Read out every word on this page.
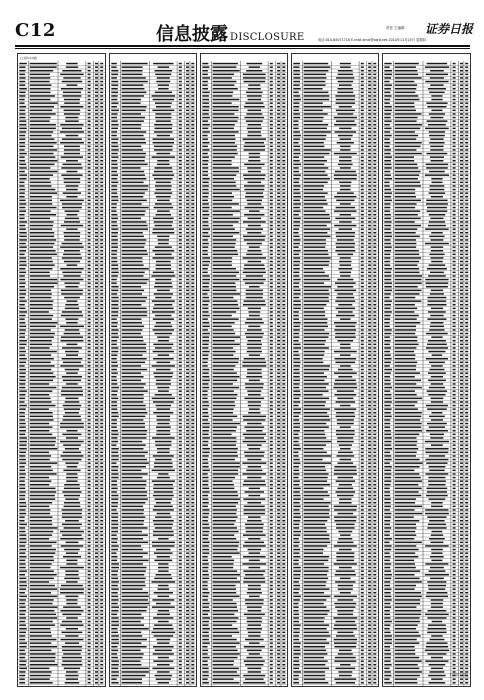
C12	信息披露 DISCLOSURE
责任 王编辑
电话:010-65071716 E-mail:xinxi@zqrb.net 2010年11月25日 星期四
证券日报
(上接C11版)
(下转C13版)
